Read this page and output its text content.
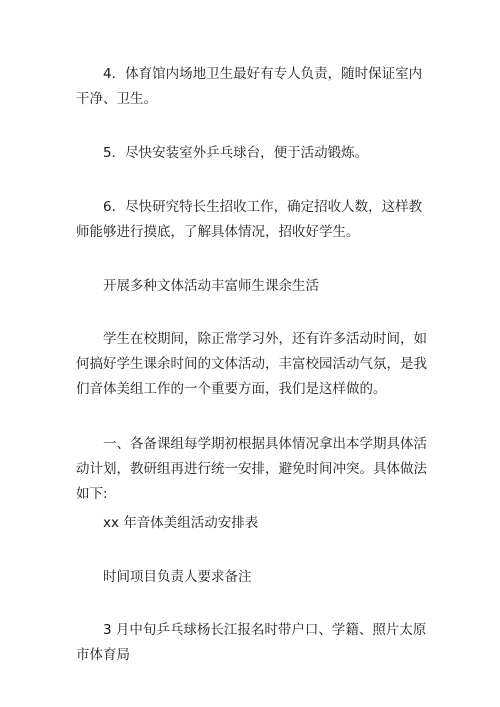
4．体育馆内场地卫生最好有专人负责，随时保证室内干净、卫生。

5．尽快安装室外乒乓球台，便于活动锻炼。

6．尽快研究特长生招收工作，确定招收人数，这样教师能够进行摸底，了解具体情况，招收好学生。

开展多种文体活动丰富师生课余生活

学生在校期间，除正常学习外，还有许多活动时间，如何搞好学生课余时间的文体活动，丰富校园活动气氛，是我们音体美组工作的一个重要方面，我们是这样做的。

一、各备课组每学期初根据具体情况拿出本学期具体活动计划，教研组再进行统一安排，避免时间冲突。具体做法如下:

xx 年音体美组活动安排表

时间项目负责人要求备注

3 月中旬乒乓球杨长江报名时带户口、学籍、照片太原市体育局
